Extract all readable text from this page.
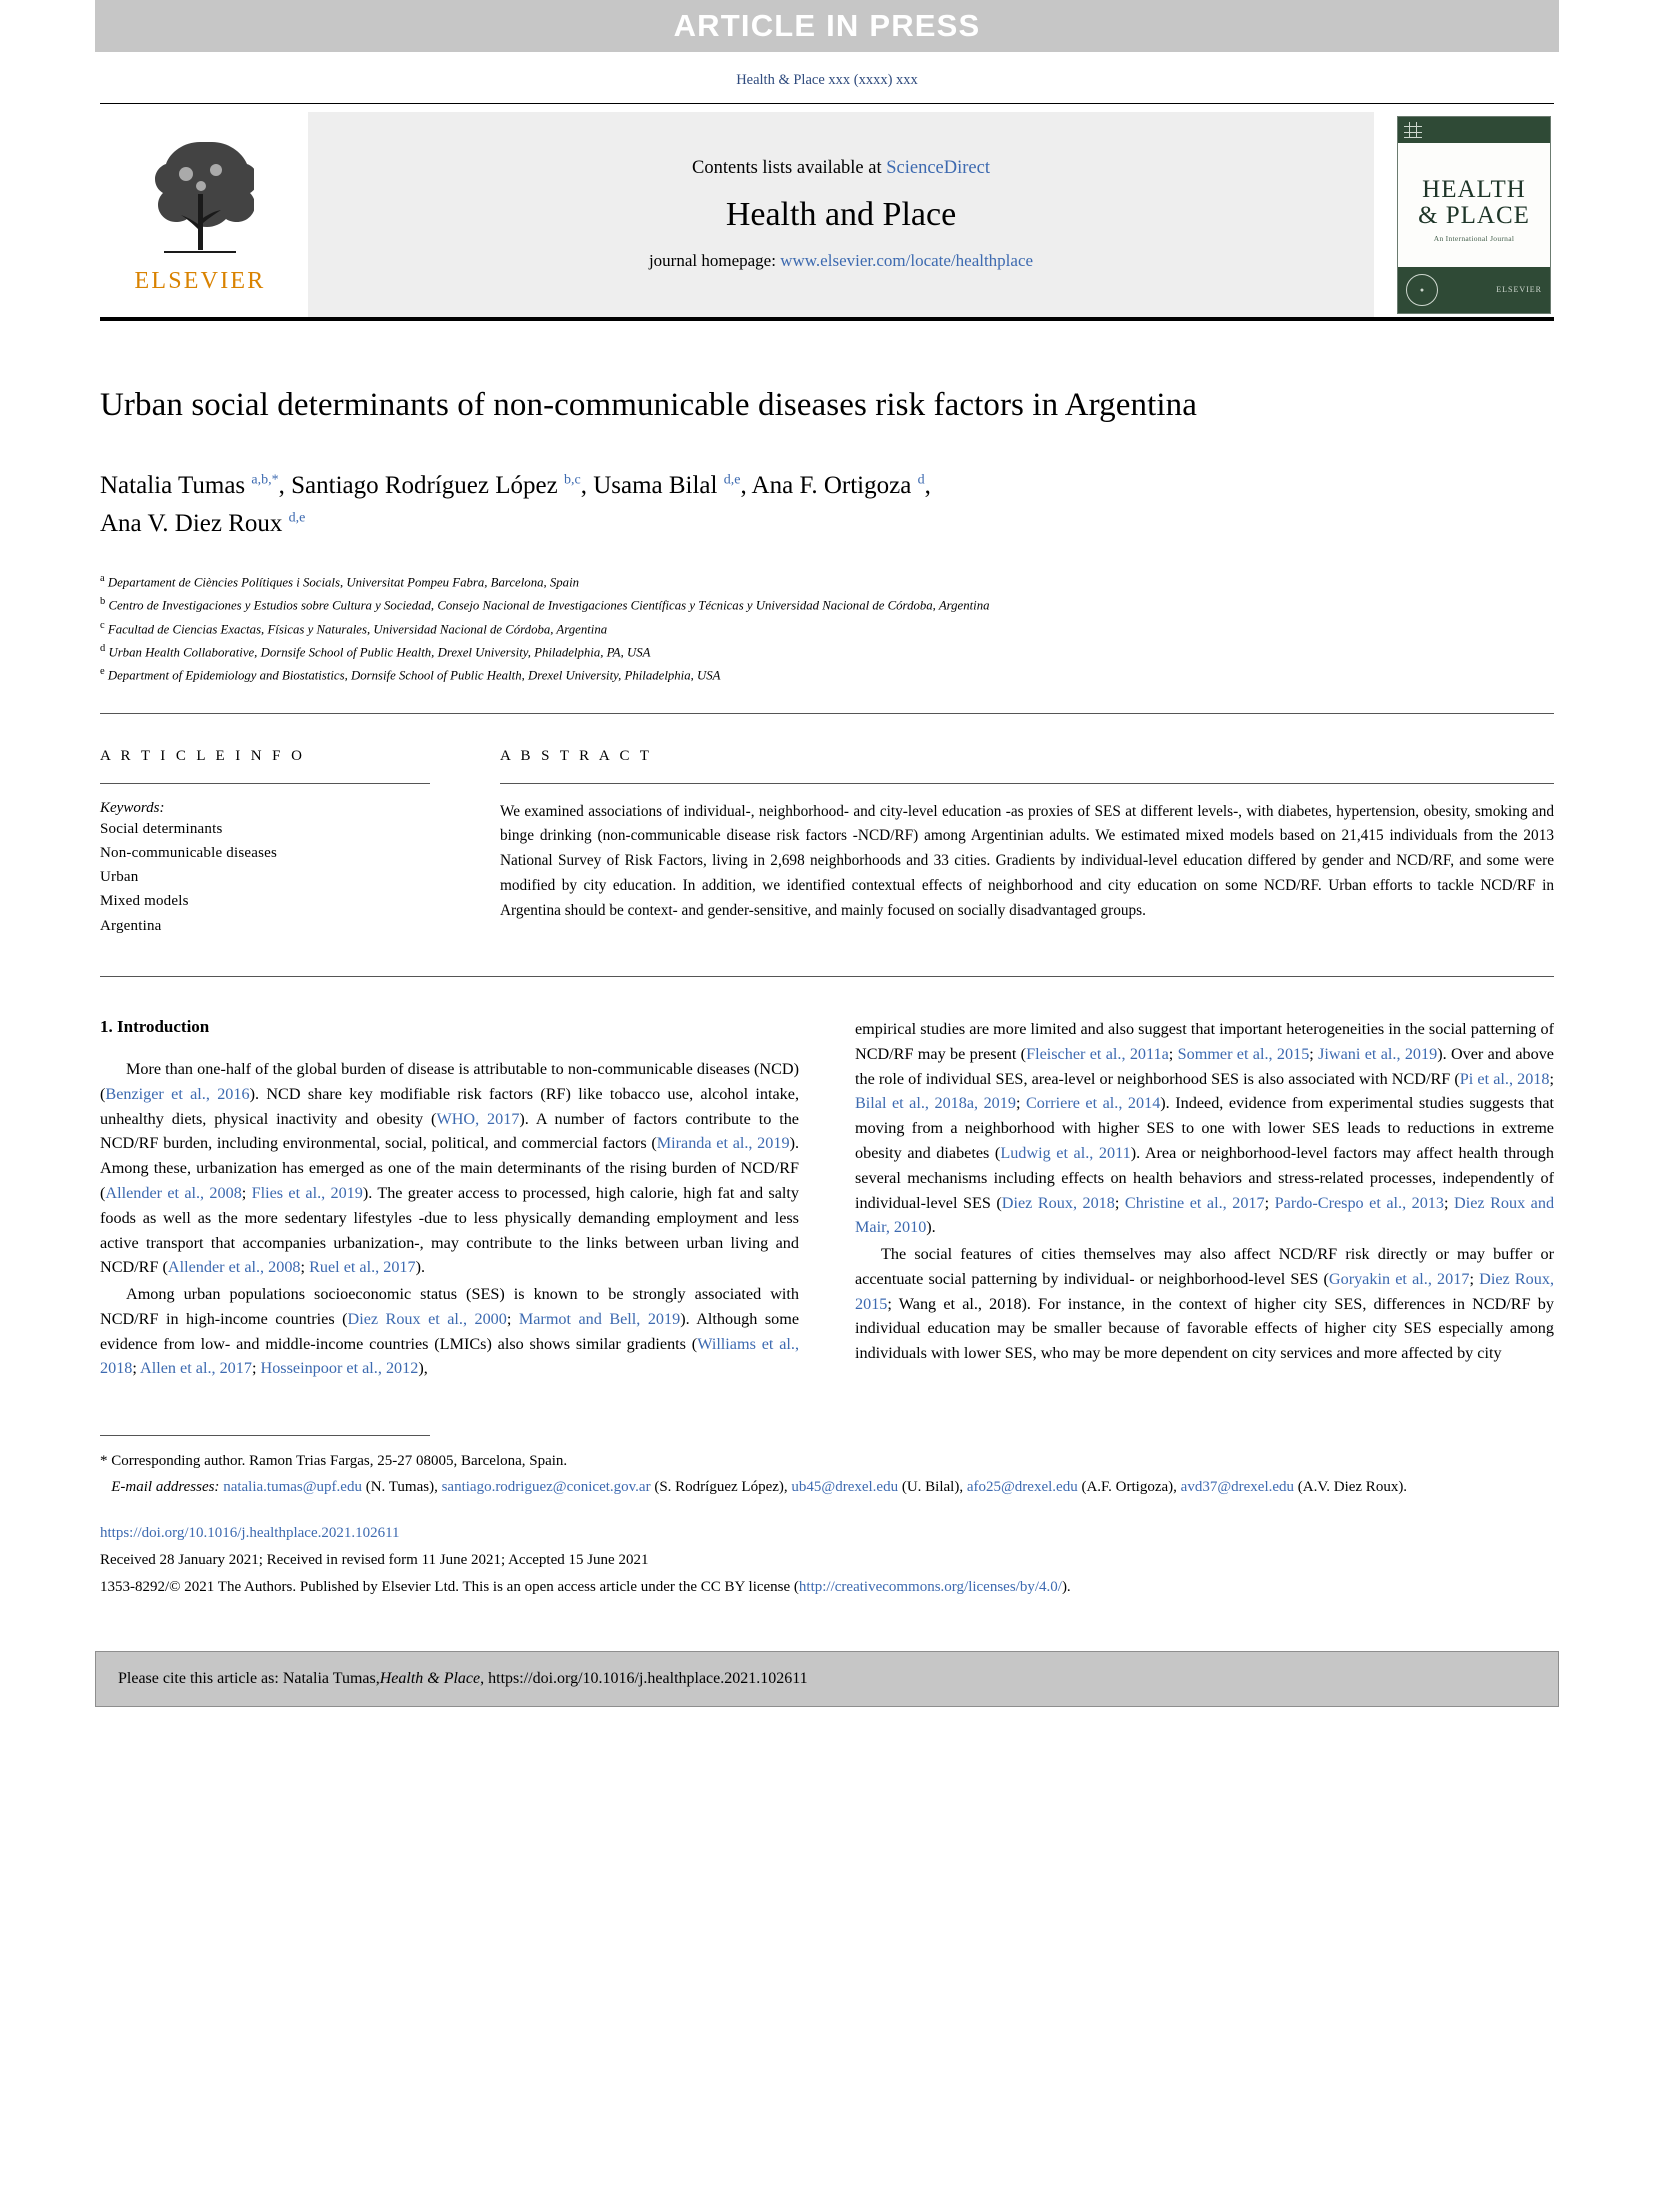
ARTICLE IN PRESS
Health & Place xxx (xxxx) xxx
ELSEVIER
Contents lists available at ScienceDirect
Health and Place
journal homepage: www.elsevier.com/locate/healthplace
HEALTH
& PLACE
An International Journal
●	ELSEVIER
Urban social determinants of non-communicable diseases risk factors in Argentina
Natalia Tumas $^{a,b,*}$, Santiago Rodríguez López $^{b,c}$, Usama Bilal $^{d,e}$, Ana F. Ortigoza $^d$,
Ana V. Diez Roux $^{d,e}$
$^a$ Departament de Ciències Polítiques i Socials, Universitat Pompeu Fabra, Barcelona, Spain
$^b$ Centro de Investigaciones y Estudios sobre Cultura y Sociedad, Consejo Nacional de Investigaciones Científicas y Técnicas y Universidad Nacional de Córdoba, Argentina
$^c$ Facultad de Ciencias Exactas, Físicas y Naturales, Universidad Nacional de Córdoba, Argentina
$^d$ Urban Health Collaborative, Dornsife School of Public Health, Drexel University, Philadelphia, PA, USA
$^e$ Department of Epidemiology and Biostatistics, Dornsife School of Public Health, Drexel University, Philadelphia, USA
A R T I C L E I N F O
Keywords:
Social determinants
Non-communicable diseases
Urban
Mixed models
Argentina
A B S T R A C T
We examined associations of individual-, neighborhood- and city-level education -as proxies of SES at different levels-, with diabetes, hypertension, obesity, smoking and binge drinking (non-communicable disease risk factors -NCD/RF) among Argentinian adults. We estimated mixed models based on 21,415 individuals from the 2013 National Survey of Risk Factors, living in 2,698 neighborhoods and 33 cities. Gradients by individual-level education differed by gender and NCD/RF, and some were modified by city education. In addition, we identified contextual effects of neighborhood and city education on some NCD/RF. Urban efforts to tackle NCD/RF in Argentina should be context- and gender-sensitive, and mainly focused on socially disadvantaged groups.
1. Introduction

More than one-half of the global burden of disease is attributable to non-communicable diseases (NCD) (Benziger et al., 2016). NCD share key modifiable risk factors (RF) like tobacco use, alcohol intake, unhealthy diets, physical inactivity and obesity (WHO, 2017). A number of factors contribute to the NCD/RF burden, including environmental, social, political, and commercial factors (Miranda et al., 2019). Among these, urbanization has emerged as one of the main determinants of the rising burden of NCD/RF (Allender et al., 2008; Flies et al., 2019). The greater access to processed, high calorie, high fat and salty foods as well as the more sedentary lifestyles -due to less physically demanding employment and less active transport that accompanies urbanization-, may contribute to the links between urban living and NCD/RF (Allender et al., 2008; Ruel et al., 2017).

Among urban populations socioeconomic status (SES) is known to be strongly associated with NCD/RF in high-income countries (Diez Roux et al., 2000; Marmot and Bell, 2019). Although some evidence from low- and middle-income countries (LMICs) also shows similar gradients (Williams et al., 2018; Allen et al., 2017; Hosseinpoor et al., 2012),

empirical studies are more limited and also suggest that important heterogeneities in the social patterning of NCD/RF may be present (Fleischer et al., 2011a; Sommer et al., 2015; Jiwani et al., 2019). Over and above the role of individual SES, area-level or neighborhood SES is also associated with NCD/RF (Pi et al., 2018; Bilal et al., 2018a, 2019; Corriere et al., 2014). Indeed, evidence from experimental studies suggests that moving from a neighborhood with higher SES to one with lower SES leads to reductions in extreme obesity and diabetes (Ludwig et al., 2011). Area or neighborhood-level factors may affect health through several mechanisms including effects on health behaviors and stress-related processes, independently of individual-level SES (Diez Roux, 2018; Christine et al., 2017; Pardo-Crespo et al., 2013; Diez Roux and Mair, 2010).

The social features of cities themselves may also affect NCD/RF risk directly or may buffer or accentuate social patterning by individual- or neighborhood-level SES (Goryakin et al., 2017; Diez Roux, 2015; Wang et al., 2018). For instance, in the context of higher city SES, differences in NCD/RF by individual education may be smaller because of favorable effects of higher city SES especially among individuals with lower SES, who may be more dependent on city services and more affected by city

* Corresponding author. Ramon Trias Fargas, 25-27 08005, Barcelona, Spain.
E-mail addresses: natalia.tumas@upf.edu (N. Tumas), santiago.rodriguez@conicet.gov.ar (S. Rodríguez López), ub45@drexel.edu (U. Bilal), afo25@drexel.edu (A.F. Ortigoza), avd37@drexel.edu (A.V. Diez Roux).
https://doi.org/10.1016/j.healthplace.2021.102611
Received 28 January 2021; Received in revised form 11 June 2021; Accepted 15 June 2021
1353-8292/© 2021 The Authors. Published by Elsevier Ltd. This is an open access article under the CC BY license (http://creativecommons.org/licenses/by/4.0/).
Please cite this article as: Natalia Tumas, Health & Place , https://doi.org/10.1016/j.healthplace.2021.102611
